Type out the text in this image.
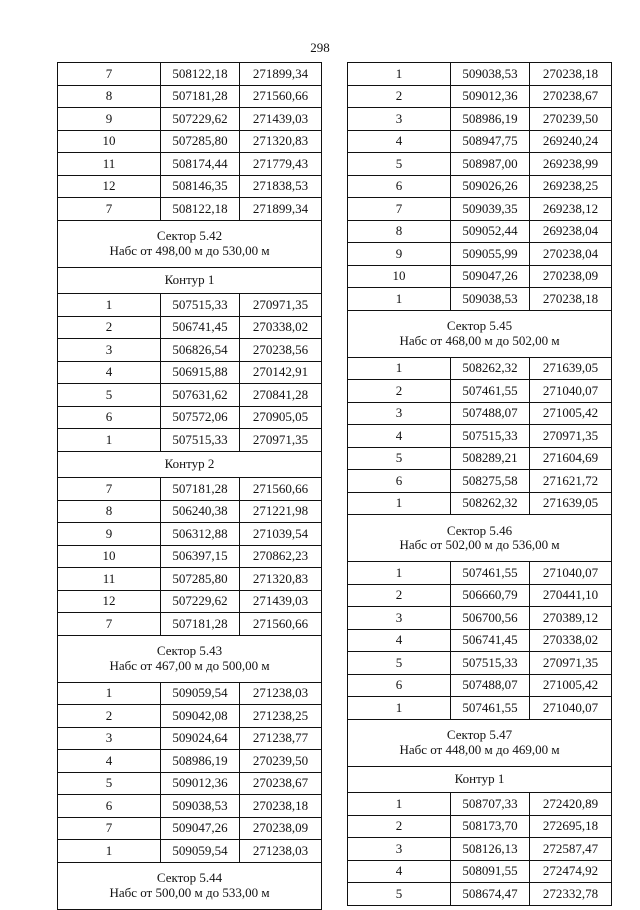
298
7	508122,18	271899,34
8	507181,28	271560,66
9	507229,62	271439,03
10	507285,80	271320,83
11	508174,44	271779,43
12	508146,35	271838,53
7	508122,18	271899,34

Сектор 5.42
Набс от 498,00 м до 530,00 м		

Контур 1		

1	507515,33	270971,35
2	506741,45	270338,02
3	506826,54	270238,56
4	506915,88	270142,91
5	507631,62	270841,28
6	507572,06	270905,05
1	507515,33	270971,35

Контур 2		

7	507181,28	271560,66
8	506240,38	271221,98
9	506312,88	271039,54
10	506397,15	270862,23
11	507285,80	271320,83
12	507229,62	271439,03
7	507181,28	271560,66

Сектор 5.43
Набс от 467,00 м до 500,00 м		

1	509059,54	271238,03
2	509042,08	271238,25
3	509024,64	271238,77
4	508986,19	270239,50
5	509012,36	270238,67
6	509038,53	270238,18
7	509047,26	270238,09
1	509059,54	271238,03

Сектор 5.44
Набс от 500,00 м до 533,00 м		
1	509038,53	270238,18
2	509012,36	270238,67
3	508986,19	270239,50
4	508947,75	269240,24
5	508987,00	269238,99
6	509026,26	269238,25
7	509039,35	269238,12
8	509052,44	269238,04
9	509055,99	270238,04
10	509047,26	270238,09
1	509038,53	270238,18

Сектор 5.45
Набс от 468,00 м до 502,00 м		

1	508262,32	271639,05
2	507461,55	271040,07
3	507488,07	271005,42
4	507515,33	270971,35
5	508289,21	271604,69
6	508275,58	271621,72
1	508262,32	271639,05

Сектор 5.46
Набс от 502,00 м до 536,00 м		

1	507461,55	271040,07
2	506660,79	270441,10
3	506700,56	270389,12
4	506741,45	270338,02
5	507515,33	270971,35
6	507488,07	271005,42
1	507461,55	271040,07

Сектор 5.47
Набс от 448,00 м до 469,00 м		

Контур 1		

1	508707,33	272420,89
2	508173,70	272695,18
3	508126,13	272587,47
4	508091,55	272474,92
5	508674,47	272332,78
